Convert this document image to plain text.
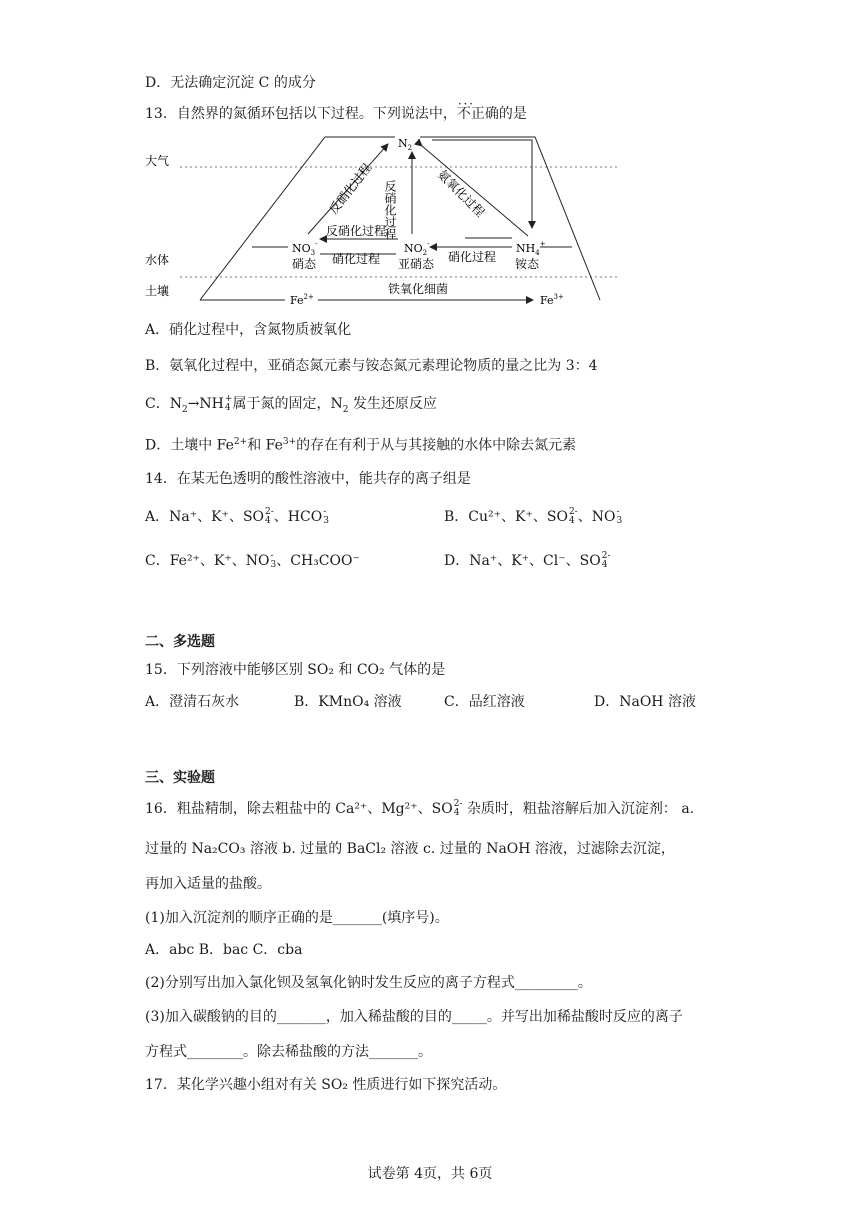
D．无法确定沉淀 C 的成分
13．自然界的氮循环包括以下过程。下列说法中，· · · 不正确的是
大气
水体
土壤
$Fe^{2+}$	$Fe^{3+}$
铁氧化细菌
$N_2$
$NO_3^-$
硝态
$NO_2^-$
亚硝态
$NH_4^+$
铵态
反硝化过程 反硝化过程	氨氧化过程
反硝化过程
硝化过程	硝化过程
A．硝化过程中，含氮物质被氧化
B．氨氧化过程中，亚硝态氮元素与铵态氮元素理论物质的量之比为 3：4
C．$N_2\to NH$ +
4 属于氮的固定，$N_2$ 发生还原反应
D．土壤中 $Fe^{2+}$和 $Fe^{3+}$的存在有利于从与其接触的水体中除去氮元素
14．在某无色透明的酸性溶液中，能共存的离子组是
A．Na⁺、K⁺、SO 2-
4 、HCO -
3	B．Cu²⁺、K⁺、SO 2-
4 、NO -
3
C．Fe²⁺、K⁺、NO -
3 、CH₃COO⁻	D．Na⁺、K⁺、Cl⁻、SO 2-
4
二、多选题
15．下列溶液中能够区别 SO₂ 和 CO₂ 气体的是
A．澄清石灰水	B．KMnO₄ 溶液	C．品红溶液	D．NaOH 溶液
三、实验题
16．粗盐精制，除去粗盐中的 Ca²⁺、Mg²⁺、SO 2-
4 杂质时，粗盐溶解后加入沉淀剂： a.
过量的 Na₂CO₃ 溶液 b. 过量的 BaCl₂ 溶液 c. 过量的 NaOH 溶液，过滤除去沉淀，
再加入适量的盐酸。
(1)加入沉淀剂的顺序正确的是_______(填序号)。
A．abc B．bac C．cba
(2)分别写出加入氯化钡及氢氧化钠时发生反应的离子方程式_________。
(3)加入碳酸钠的目的_______，加入稀盐酸的目的_____。并写出加稀盐酸时反应的离子
方程式________。除去稀盐酸的方法_______。
17．某化学兴趣小组对有关 SO₂ 性质进行如下探究活动。
试卷第 4页，共 6页
